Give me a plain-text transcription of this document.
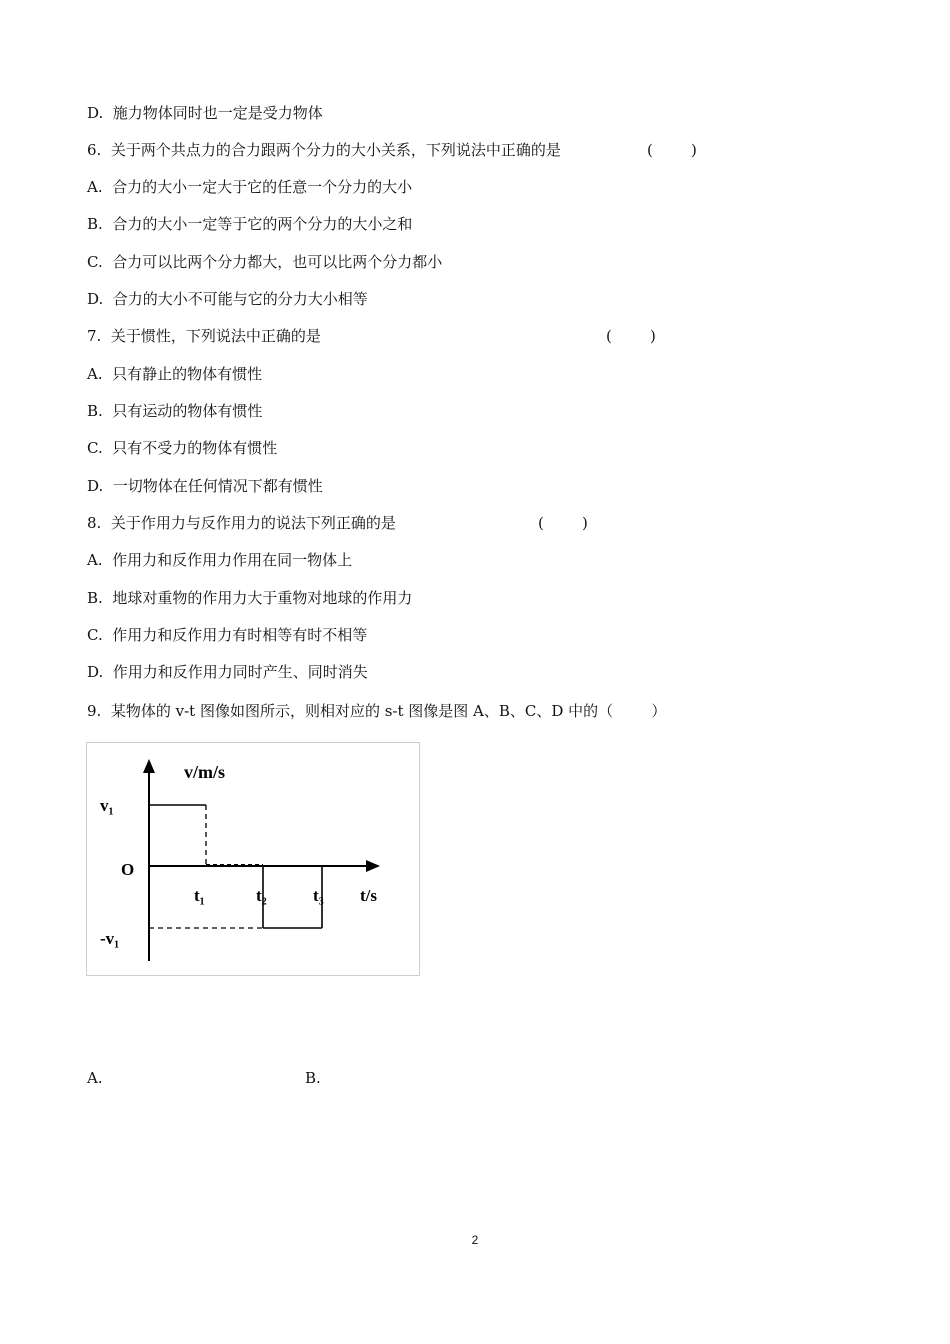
D.  施力物体同时也一定是受力物体
6.  关于两个共点力的合力跟两个分力的大小关系，下列说法中正确的是	(        )
A.  合力的大小一定大于它的任意一个分力的大小
B.  合力的大小一定等于它的两个分力的大小之和
C.  合力可以比两个分力都大，也可以比两个分力都小
D.  合力的大小不可能与它的分力大小相等
7.  关于惯性，下列说法中正确的是	(        )
A.  只有静止的物体有惯性
B.  只有运动的物体有惯性
C.  只有不受力的物体有惯性
D.  一切物体在任何情况下都有惯性
8.  关于作用力与反作用力的说法下列正确的是	(        )
A.  作用力和反作用力作用在同一物体上
B.  地球对重物的作用力大于重物对地球的作用力
C.  作用力和反作用力有时相等有时不相等
D.  作用力和反作用力同时产生、同时消失
9.  某物体的 v-t 图像如图所示，则相对应的 s-t 图像是图 A、B、C、D 中的（        ）
v/m/s
v₁
O
t₁	t₂	t₃ t/s
-v₁
A.	B.
2
